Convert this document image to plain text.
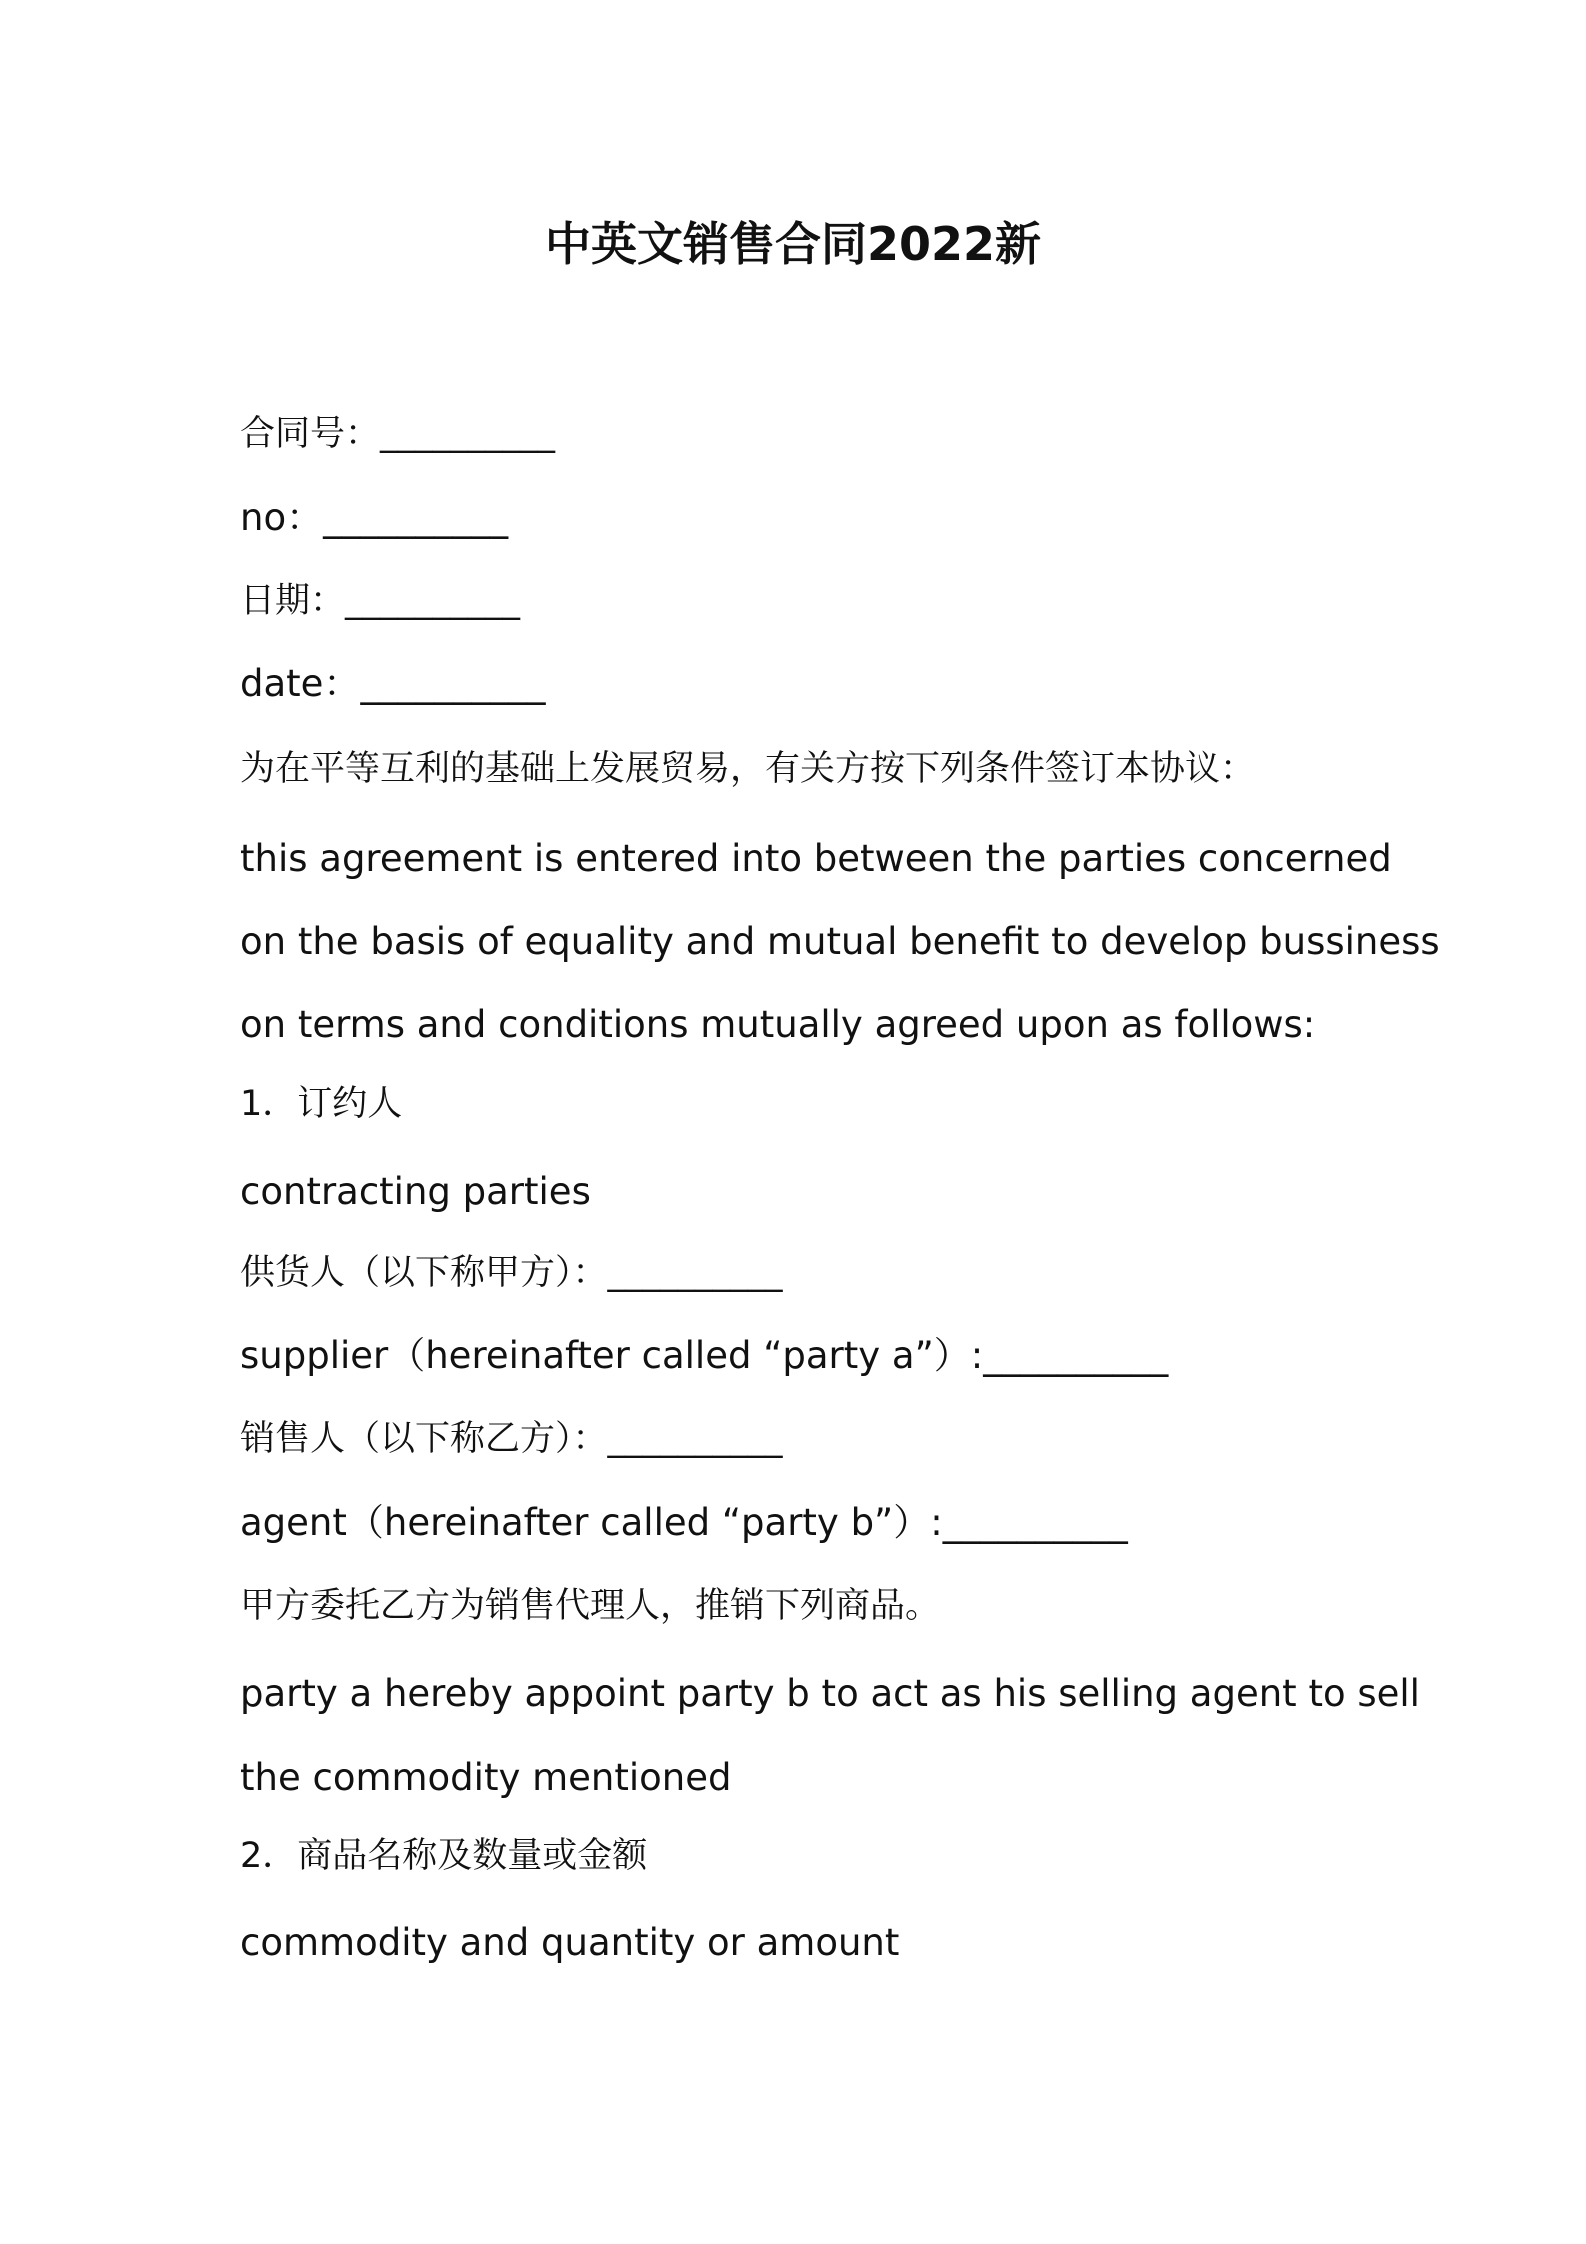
中英文销售合同2022新
合同号：__________
no：__________
日期：__________
date：__________
为在平等互利的基础上发展贸易，有关方按下列条件签订本协议：
this agreement is entered into between the parties concerned
on the basis of equality and mutual benefit to develop bussiness
on terms and conditions mutually agreed upon as follows:
1．订约人
contracting parties
供货人（以下称甲方）：__________
supplier（hereinafter called “party a”）:__________
销售人（以下称乙方）：__________
agent（hereinafter called “party b”）:__________
甲方委托乙方为销售代理人，推销下列商品。
party a hereby appoint party b to act as his selling agent to sell
the commodity mentioned
2．商品名称及数量或金额
commodity and quantity or amount
